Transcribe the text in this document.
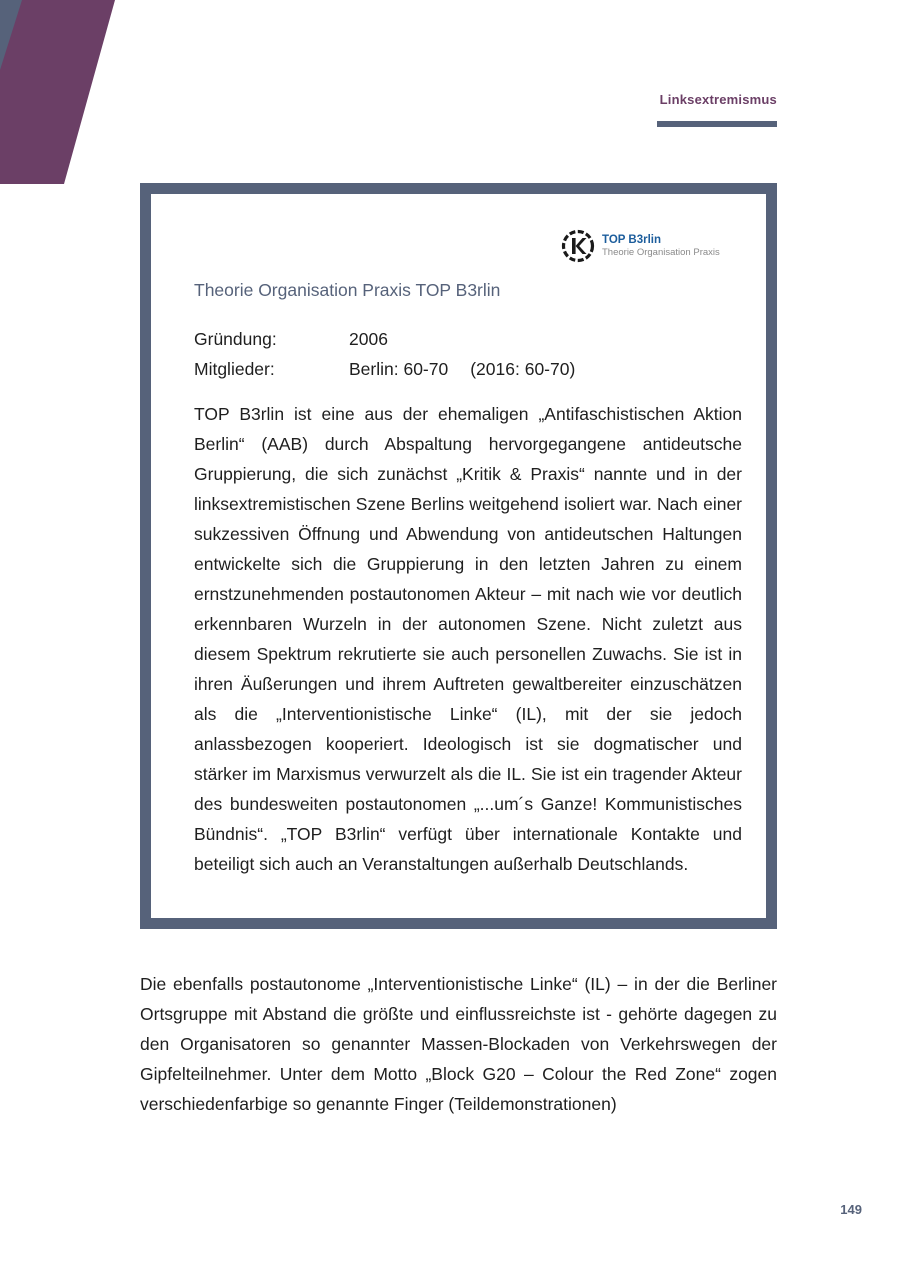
Linksextremismus
TOP B3rlin
Theorie Organisation Praxis
Theorie Organisation Praxis TOP B3rlin
Gründung:	2006
Mitglieder:	Berlin: 60-70 (2016: 60-70)

TOP B3rlin ist eine aus der ehemaligen „Antifaschistischen Aktion Berlin“ (AAB) durch Abspaltung hervorgegangene antideutsche Gruppierung, die sich zunächst „Kritik & Praxis“ nannte und in der linksextremistischen Szene Berlins weitgehend isoliert war. Nach einer sukzessiven Öffnung und Abwendung von antideutschen Haltungen entwickelte sich die Gruppierung in den letzten Jahren zu einem ernstzunehmenden postautonomen Akteur – mit nach wie vor deutlich erkennbaren Wurzeln in der autonomen Szene. Nicht zuletzt aus diesem Spektrum rekrutierte sie auch personellen Zuwachs. Sie ist in ihren Äußerungen und ihrem Auftreten gewaltbereiter einzuschätzen als die „Interventionistische Linke“ (IL), mit der sie jedoch anlassbezogen kooperiert. Ideologisch ist sie dogmatischer und stärker im Marxismus verwurzelt als die IL. Sie ist ein tragender Akteur des bundesweiten postautonomen „...um´s Ganze! Kommunistisches Bündnis“. „TOP B3rlin“ verfügt über internationale Kontakte und beteiligt sich auch an Veranstaltungen außerhalb Deutschlands.

Die ebenfalls postautonome „Interventionistische Linke“ (IL) – in der die Berliner Ortsgruppe mit Abstand die größte und einflussreichste ist - gehörte dagegen zu den Organisatoren so genannter Massen-Blockaden von Verkehrswegen der Gipfelteilnehmer. Unter dem Motto „Block G20 – Colour the Red Zone“ zogen verschiedenfarbige so genannte Finger (Teildemonstrationen)

149
